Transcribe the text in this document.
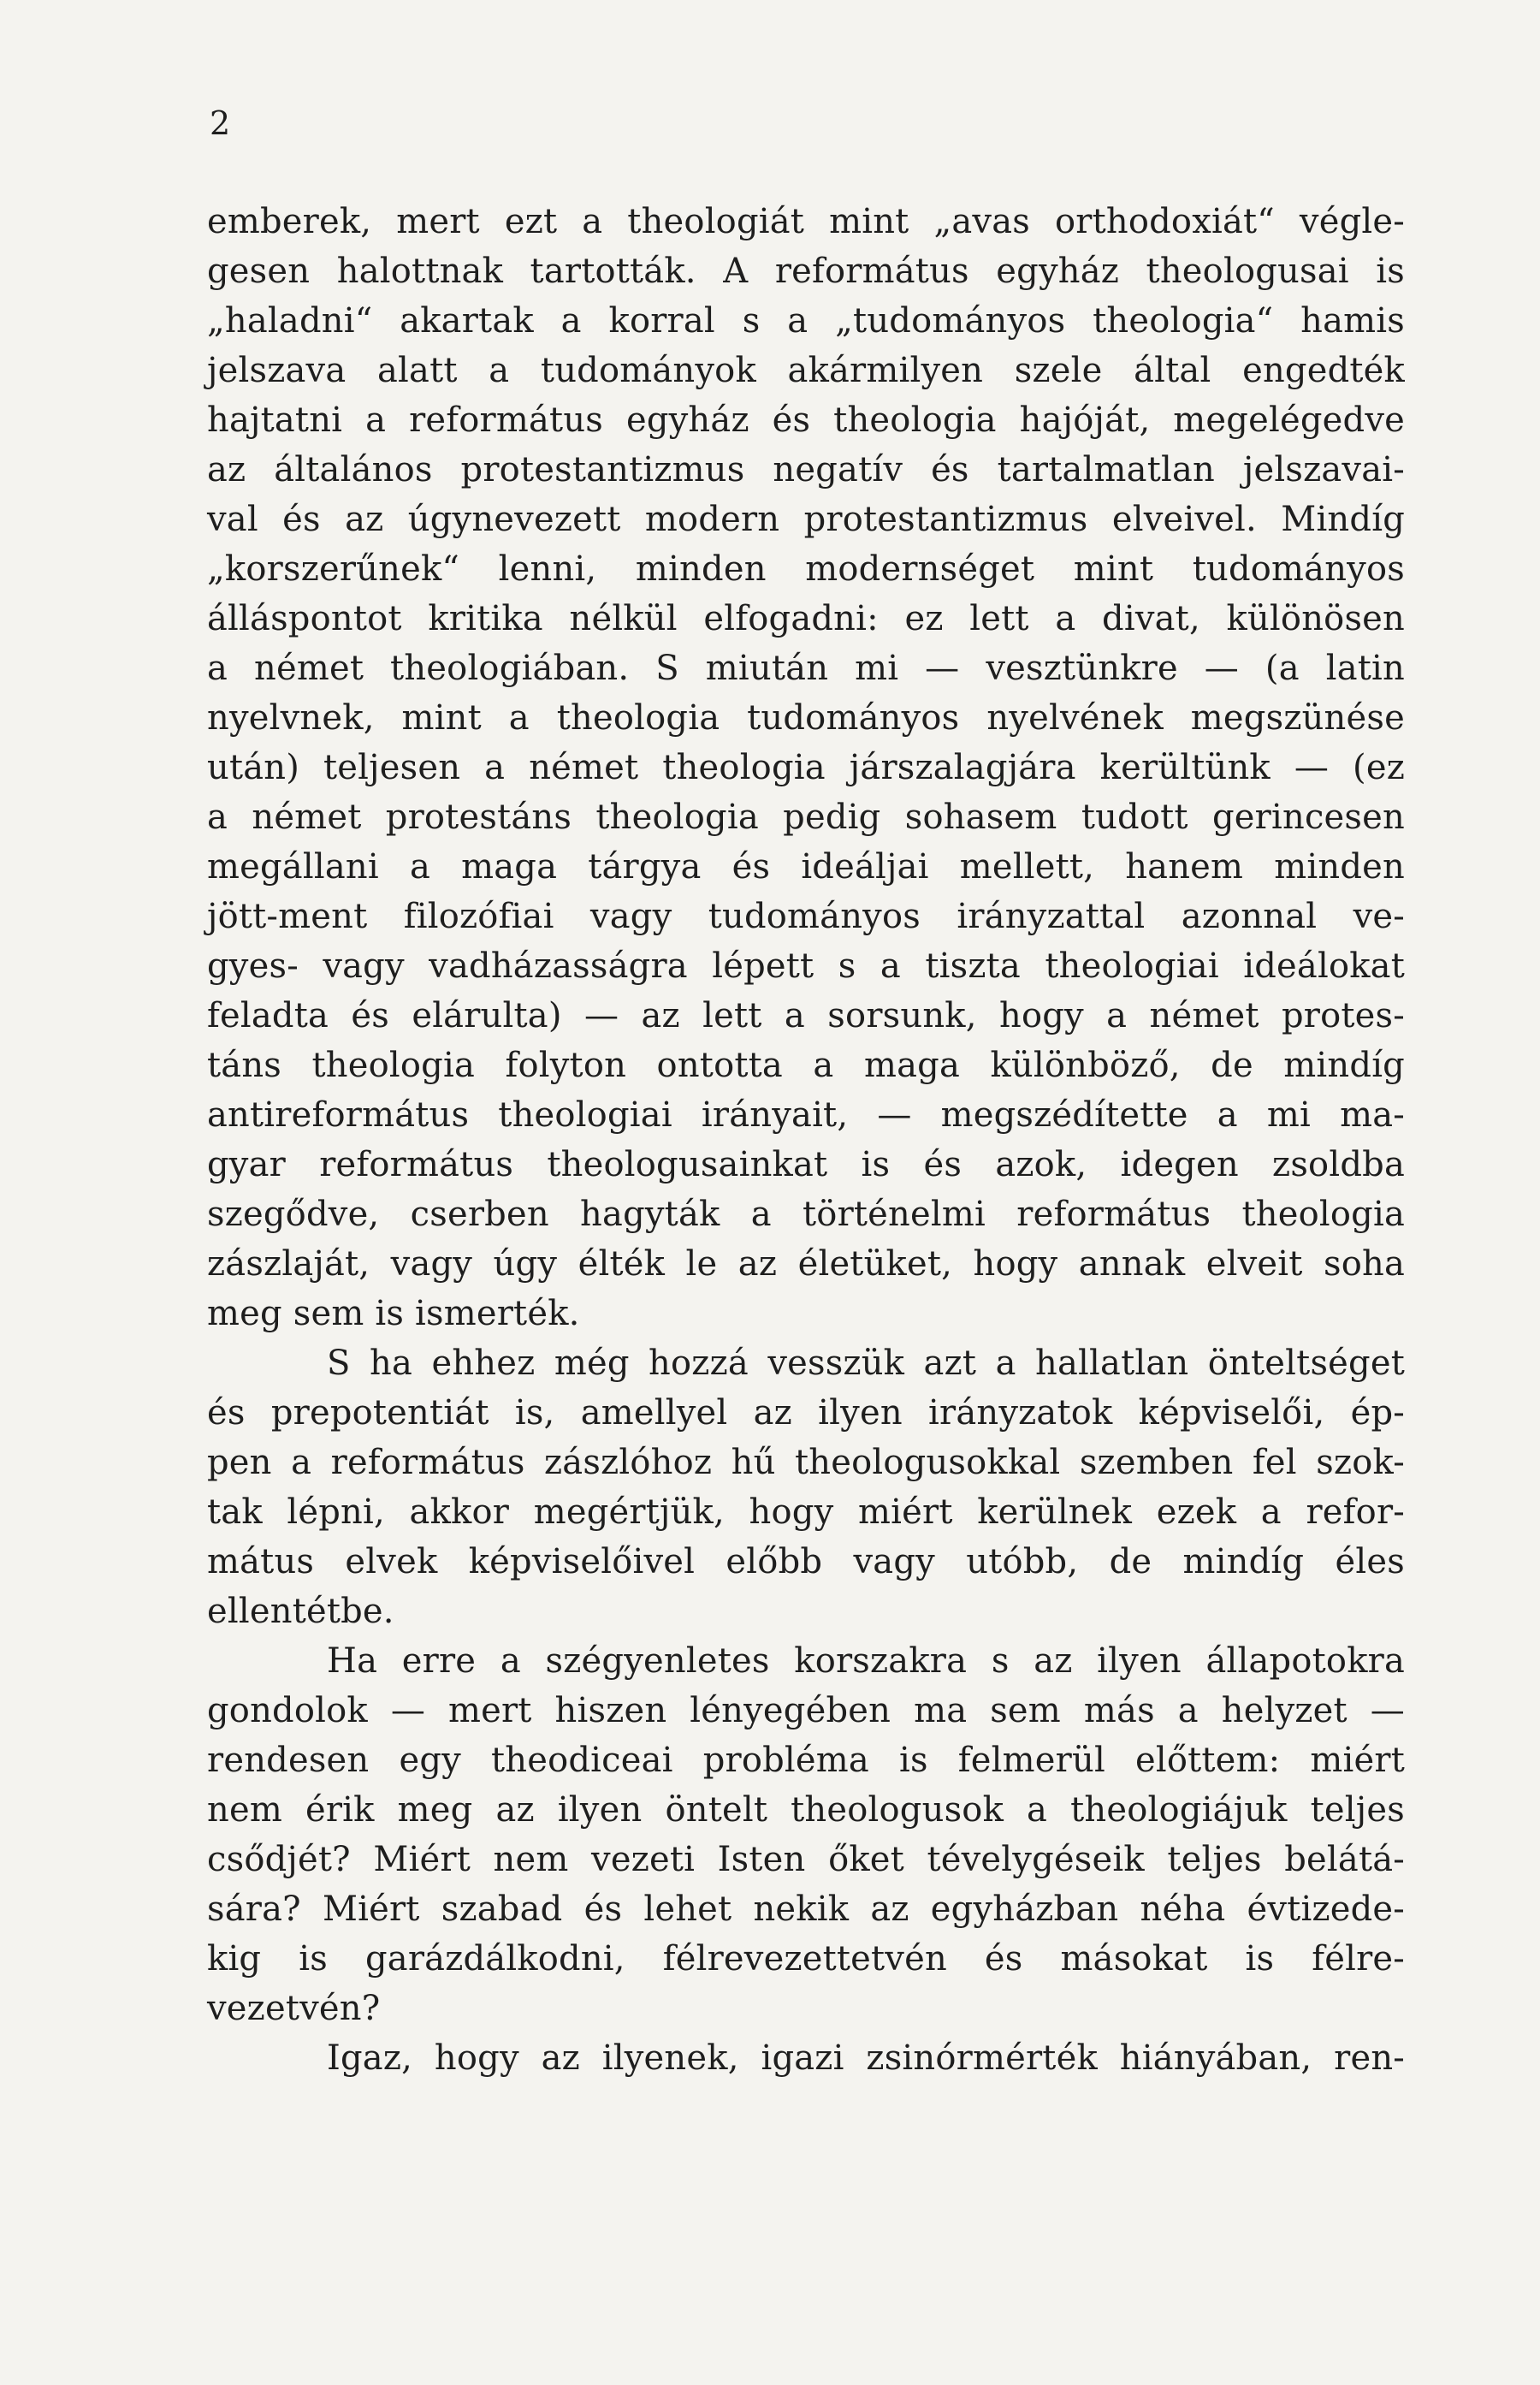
2
emberek, mert ezt a theologiát mint „avas orthodoxiát“ végle-
gesen halottnak tartották. A református egyház theologusai is
„haladni“ akartak a korral s a „tudományos theologia“ hamis
jelszava alatt a tudományok akármilyen szele által engedték
hajtatni a református egyház és theologia hajóját, megelégedve
az általános protestantizmus negatív és tartalmatlan jelszavai-
val és az úgynevezett modern protestantizmus elveivel. Mindíg
„korszerűnek“ lenni, minden modernséget mint tudományos
álláspontot kritika nélkül elfogadni: ez lett a divat, különösen
a német theologiában. S miután mi — vesztünkre — (a latin
nyelvnek, mint a theologia tudományos nyelvének megszünése
után) teljesen a német theologia járszalagjára kerültünk — (ez
a német protestáns theologia pedig sohasem tudott gerincesen
megállani a maga tárgya és ideáljai mellett, hanem minden
jött-ment filozófiai vagy tudományos irányzattal azonnal ve-
gyes- vagy vadházasságra lépett s a tiszta theologiai ideálokat
feladta és elárulta) — az lett a sorsunk, hogy a német protes-
táns theologia folyton ontotta a maga különböző, de mindíg
antireformátus theologiai irányait, — megszédítette a mi ma-
gyar református theologusainkat is és azok, idegen zsoldba
szegődve, cserben hagyták a történelmi református theologia
zászlaját, vagy úgy élték le az életüket, hogy annak elveit soha
meg sem is ismerték.
S ha ehhez még hozzá vesszük azt a hallatlan önteltséget
és prepotentiát is, amellyel az ilyen irányzatok képviselői, ép-
pen a református zászlóhoz hű theologusokkal szemben fel szok-
tak lépni, akkor megértjük, hogy miért kerülnek ezek a refor-
mátus elvek képviselőivel előbb vagy utóbb, de mindíg éles
ellentétbe.
Ha erre a szégyenletes korszakra s az ilyen állapotokra
gondolok — mert hiszen lényegében ma sem más a helyzet —
rendesen egy theodiceai probléma is felmerül előttem: miért
nem érik meg az ilyen öntelt theologusok a theologiájuk teljes
csődjét? Miért nem vezeti Isten őket tévelygéseik teljes belátá-
sára? Miért szabad és lehet nekik az egyházban néha évtizede-
kig is garázdálkodni, félrevezettetvén és másokat is félre-
vezetvén?
Igaz, hogy az ilyenek, igazi zsinórmérték hiányában, ren-
